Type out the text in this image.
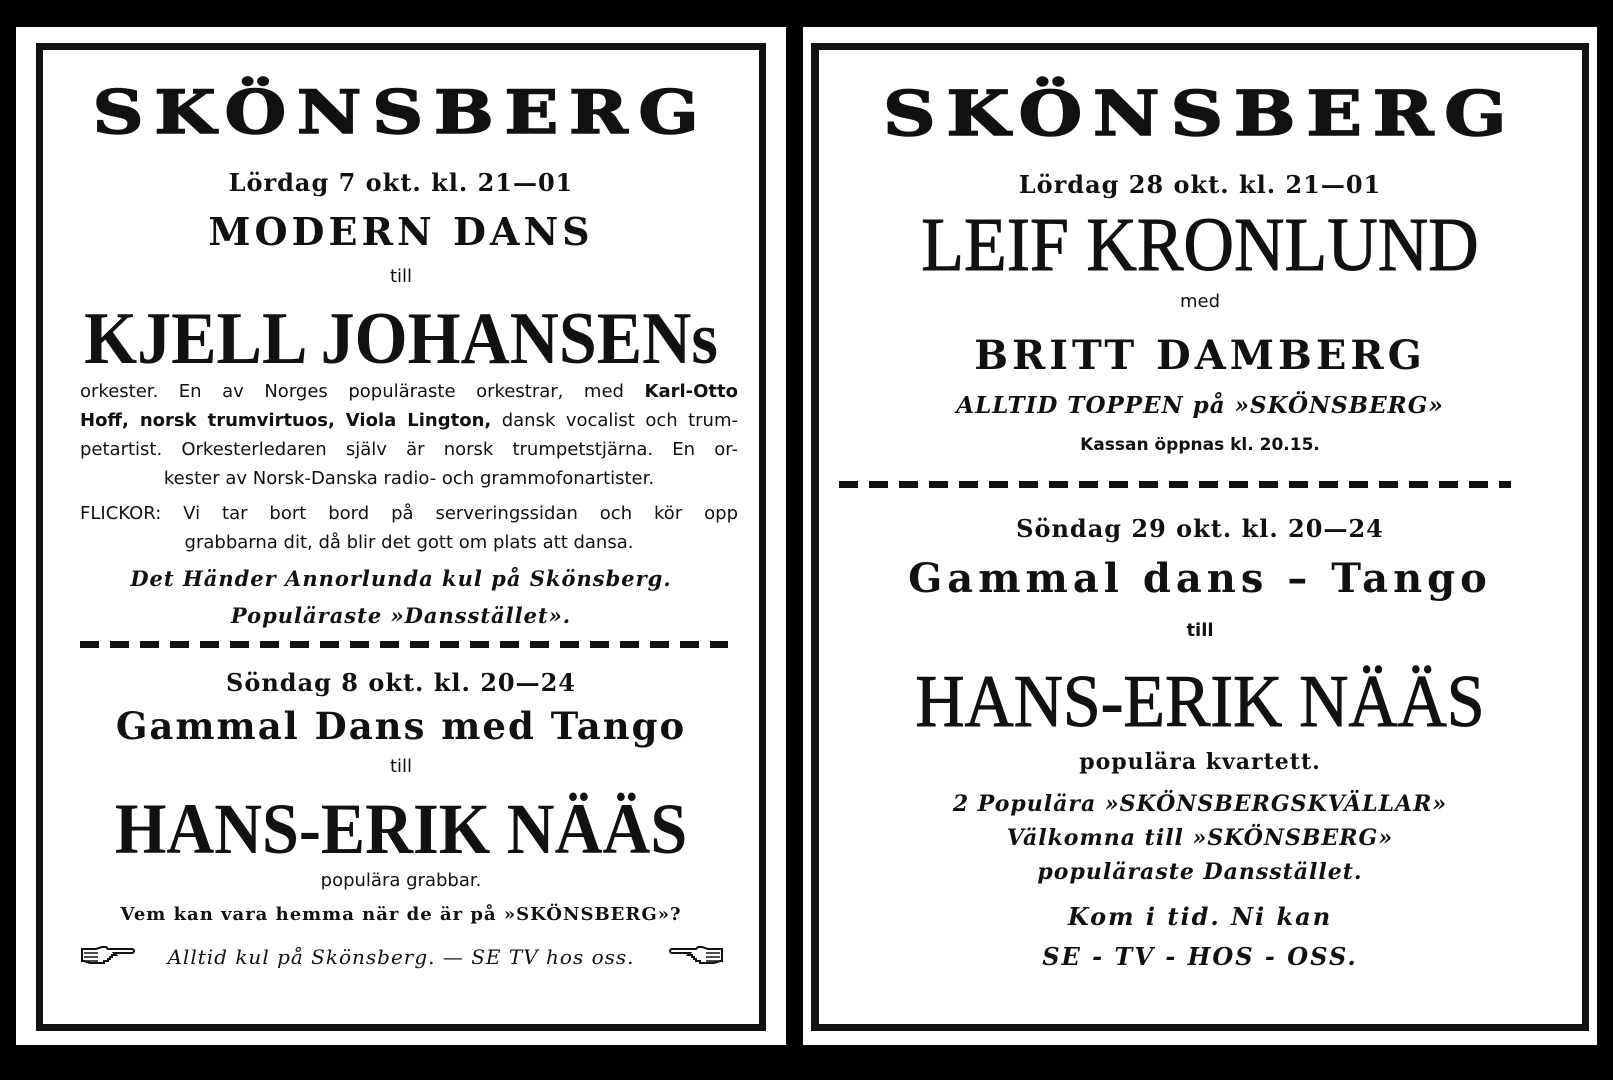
SKÖNSBERG
Lördag 7 okt. kl. 21—01
MODERN DANS
till
KJELL JOHANSENs
orkester. En av Norges populäraste orkestrar, med Karl-Otto
Hoff, norsk trumvirtuos, Viola Lington, dansk vocalist och trum-
petartist. Orkesterledaren själv är norsk trumpetstjärna. En or-
kester av Norsk-Danska radio- och grammofonartister.
FLICKOR: Vi tar bort bord på serveringssidan och kör opp
grabbarna dit, då blir det gott om plats att dansa.
Det Händer Annorlunda kul på Skönsberg.
Populäraste »Dansstället».
Söndag 8 okt. kl. 20—24
Gammal Dans med Tango
till
HANS-ERIK NÄÄS
populära grabbar.
Vem kan vara hemma när de är på »SKÖNSBERG»?
Alltid kul på Skönsberg. — SE TV hos oss.
SKÖNSBERG
Lördag 28 okt. kl. 21—01
LEIF KRONLUND
med
BRITT DAMBERG
ALLTID TOPPEN på »SKÖNSBERG»
Kassan öppnas kl. 20.15.
Söndag 29 okt. kl. 20—24
Gammal dans – Tango
till
HANS-ERIK NÄÄS
populära kvartett.
2 Populära »SKÖNSBERGSKVÄLLAR»
Välkomna till »SKÖNSBERG»
populäraste Dansstället.
Kom i tid. Ni kan
SE - TV - HOS - OSS.
